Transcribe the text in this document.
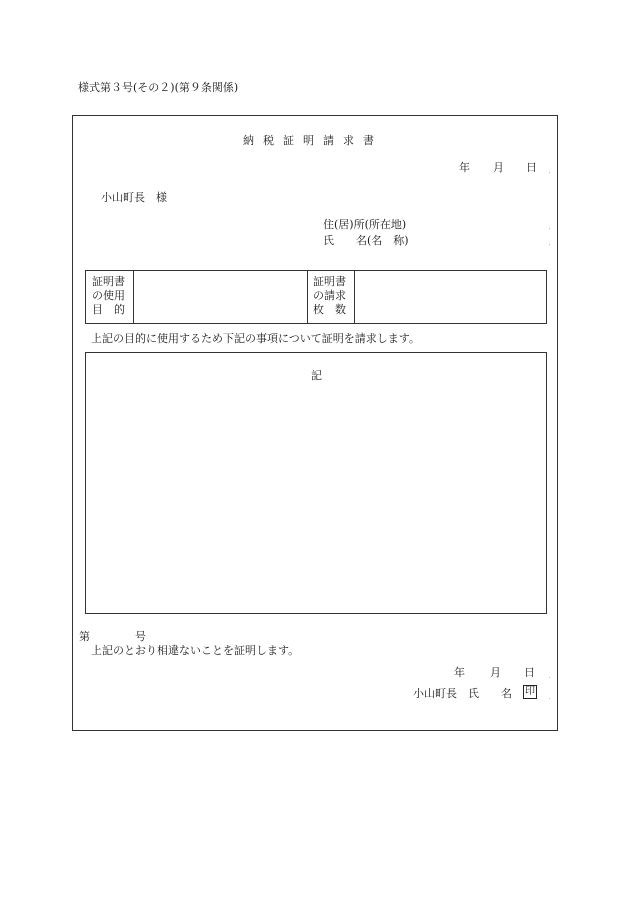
様式第３号(その２)(第９条関係)
納税証明請求書
年 月 日
小山町長　様
住(居)所(所在地)
氏　　名(名　称)
証明書
の使用
目　的
証明書
の請求
枚　数
上記の目的に使用するため下記の事項について証明を請求します。
記
第	号
上記のとおり相違ないことを証明します。
年 月 日
小山町長　氏　　名 印
